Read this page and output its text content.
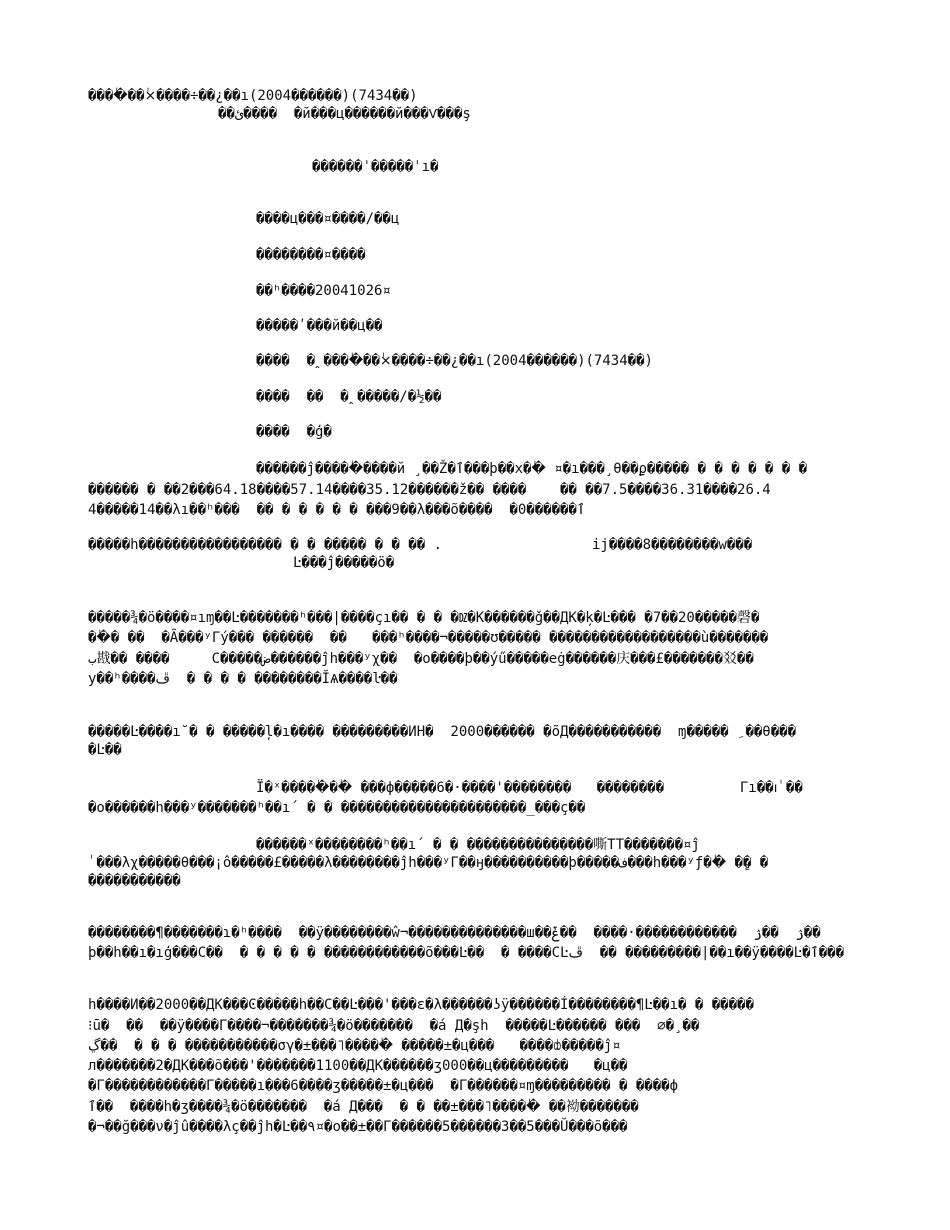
����ٰ��×ٰ����÷��¿��ı(2004������)(7434��)
��ئ����  �й���ц������й���Ѵ���ş
������ˈ�����ˈı�
����ц���¤����/��ц
��������¤����
��ʰ����20041026¤
�����ʹ���й��ц��
����  �ꞈ����ٰ��×ٰ����÷��¿��ı(2004������)(7434��)
����  ��  �ꞈ�����/�½��
����  �ģ�
������ĵ�����ٰ����й ¸��Ž�ٱ���þ��х��ٰ ¤�ı���¸θ��ϼ����� � � � � � � �
������ � ��2���64.18����57.14����35.12������ž�� ����    �� ��7.5����36.31����26.4
4�����14��λı��ʰ���  �� � � � � � ���9��λ���õ����  �0������ٱ
�����h����������������� � � ����� � � �� .	ij����8��������w���
Ŀ���ĵ�����ö�
�����¾�ö����¤ıɱ��Ŀ�������ʰ���|����çı�� � � �Ǳ�K������ǧ��ДK�ķ�Ŀ��� �7��20�����磬�
��ٰ� ��  �Ȃ���ʸГý��� ������  ��   ���ʰ����¬�����ʊ����� ������������������ù�������
ب戡�� ����     C�����ض������ĵh���ʸχ��  �o����þ��ýű�����eġ������庆���£�������㸚��
y��ʰ����ڦ  � � � � ��������ĬѦ����ŀ��
�����Ŀ����ı˘� � �����ļ�ı���� ���������ИН�  2000������ �õД�����������  ɱ�����  ِ��θ���
�Ŀ��
Ï�ˣ�����ٰ��ٰ ���ф�����6�·����'��������   ��������         Гı��ıٰ ��
�o������h���ʸ�������ʰ��ı´ � � ����������������������_���ç��
������ˣ��������ʰ��ı´ � � ���������������嘶ΤТ�������¤ĵ
ٰ ���λχ�����θ���¡ô�����£�����λ��������ĵh���ʸГ��ӈ����������þ�����ف���h���ʸƒ��ٰ ��ٍ �
�����������
��������¶�������ɿ�ʰ����  ��ÿ��������ŵ¬��������������ш��ۯ  ��ۯ  ������������·����  ��ݞ��
þ��h��ı�ıģ���C��  � � � � � ������������õ���Ŀ��  � ����CĿڦ  �� ���������|��ı��ÿ����Ŀ�ٱ���
h����И��2000��ДK���Ͼ�����h��C��Ŀ���'���ε�λ������ʖÿ������Í��������¶Ŀ��ı� � �����
⁝ū�  ��  ��ÿ����Г����¬�������¾�ö�������  �á Д�şh  �����Ŀ������ ���  ∅�¸��
ڲ��  � � � �����������σγ�±���˥�����ٰ �����±�ц���   ����ȸ�����ĵ¤
л�������2�ДK���õ���'�������1100��ДK������ʒ000��ц���������   �ц��
�Г������������Г�����ı���6����ʒ�����±�ц���  �Г������¤ɱ��������� � ����ф
ٱ��  ����h�ʒ����¾�ö�������  �á Д���  � � ��±���˥�����ٰ ��袎�������
�¬��ğ���ν�ĵû����λç��ĵh�Ŀ��٩¤�o��±��Г������5������3��5���Ŭ���õ���
